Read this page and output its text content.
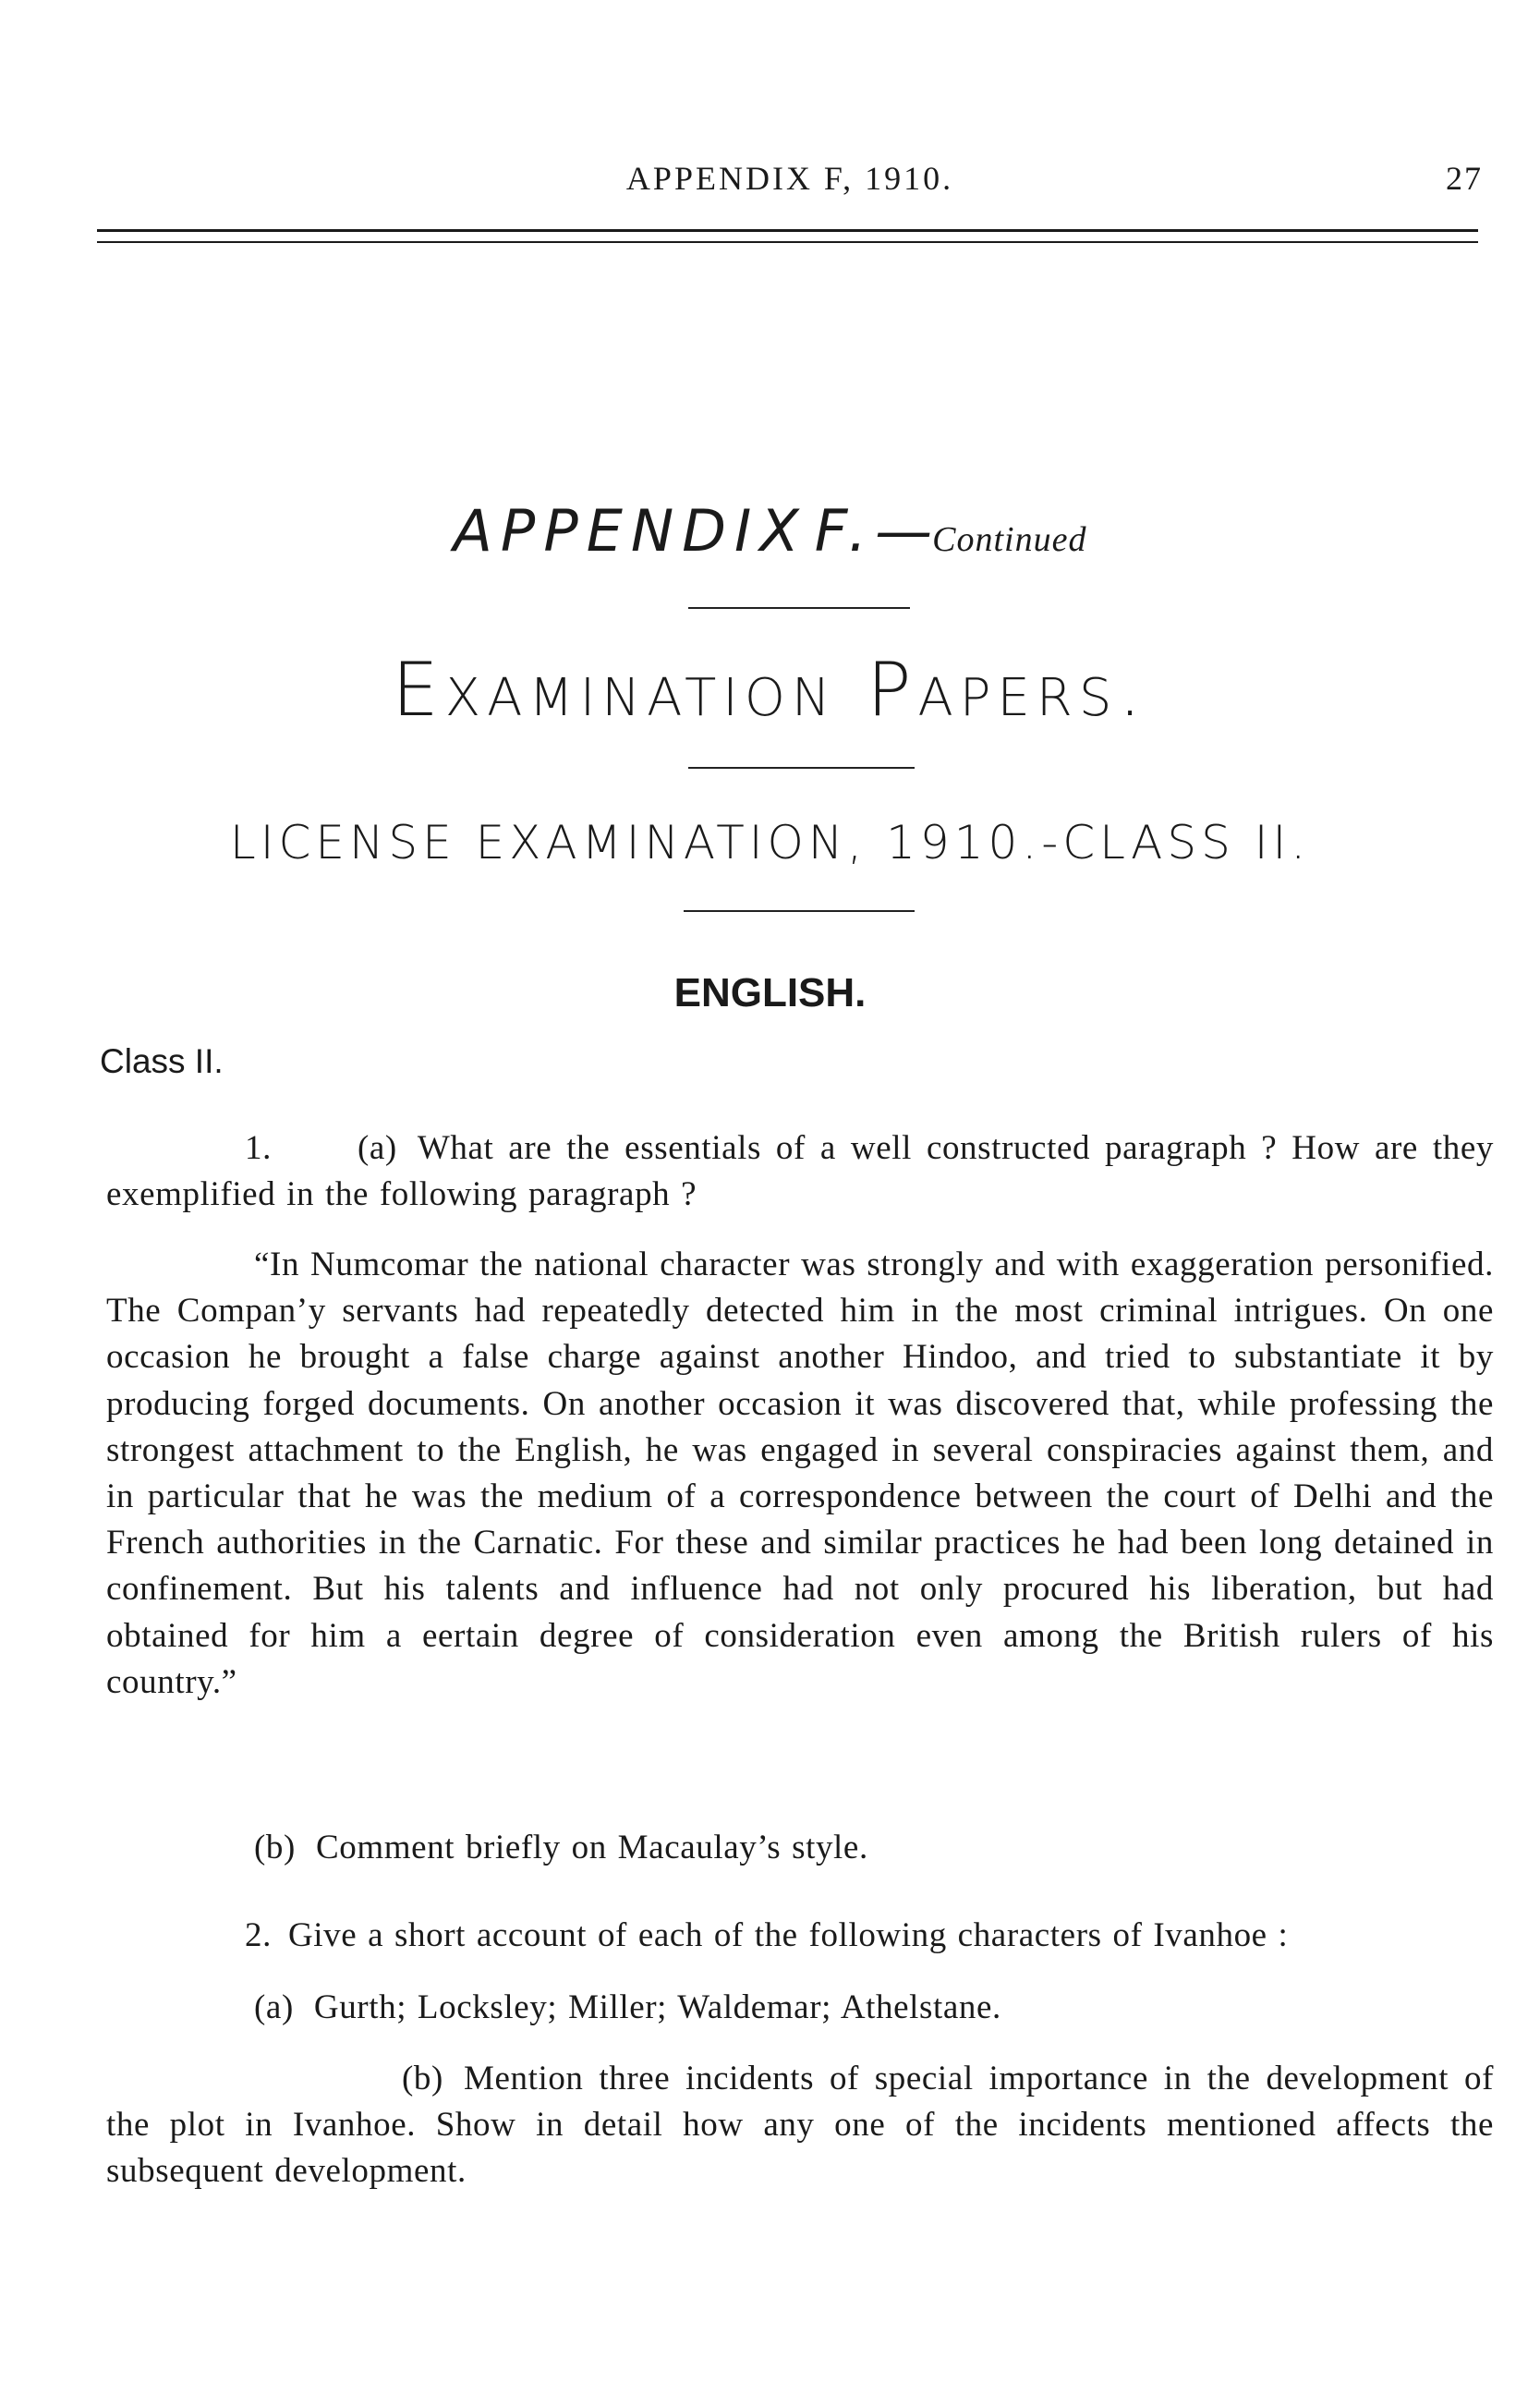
APPENDIX F, 1910.	27
APPENDIX F.—Continued
Examination Papers.
LICENSE EXAMINATION, 1910.-CLASS II.
ENGLISH.
Class II.
1.	(a) What are the essentials of a well constructed paragraph ? How are they exemplified in the following paragraph ?
“In Numcomar the national character was strongly and with exaggeration personified. The Compan’y servants had repeatedly detected him in the most criminal intrigues. On one occasion he brought a false charge against another Hindoo, and tried to substantiate it by producing forged documents. On another occasion it was discovered that, while professing the strongest attachment to the English, he was engaged in several conspiracies against them, and in particular that he was the medium of a correspondence between the court of Delhi and the French authorities in the Carnatic. For these and similar practices he had been long detained in confinement. But his talents and influence had not only procured his liberation, but had obtained for him a eertain degree of consideration even among the British rulers of his country.”
(b) Comment briefly on Macaulay’s style.
2. Give a short account of each of the following characters of Ivanhoe :
(a) Gurth; Locksley; Miller; Waldemar; Athelstane.
(b) Mention three incidents of special importance in the development of the plot in Ivanhoe. Show in detail how any one of the incidents mentioned affects the subsequent development.
